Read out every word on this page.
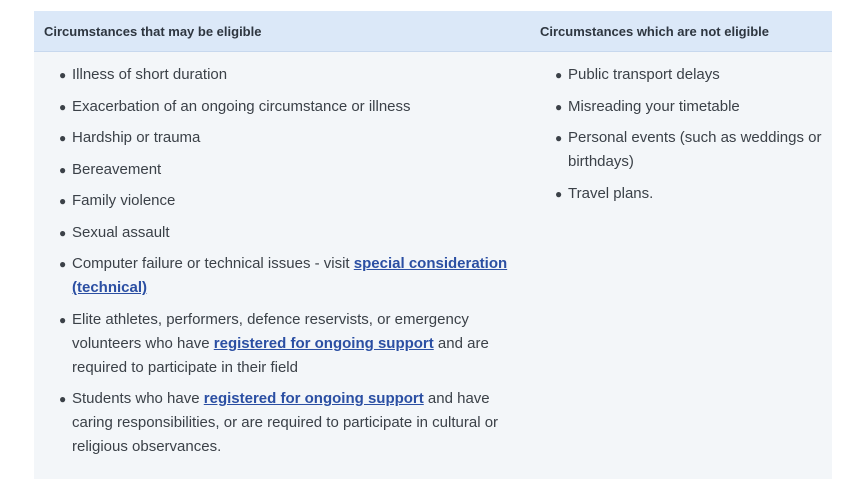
Circumstances that may be eligible	Circumstances which are not eligible
● Illness of short duration
● Exacerbation of an ongoing circumstance or illness
● Hardship or trauma
● Bereavement
● Family violence
● Sexual assault
● Computer failure or technical issues - visit special consideration (technical)
● Elite athletes, performers, defence reservists, or emergency volunteers who have registered for ongoing support and are required to participate in their field
● Students who have registered for ongoing support and have caring responsibilities, or are required to participate in cultural or religious observances.
● Public transport delays
● Misreading your timetable
● Personal events (such as weddings or birthdays)
● Travel plans.
